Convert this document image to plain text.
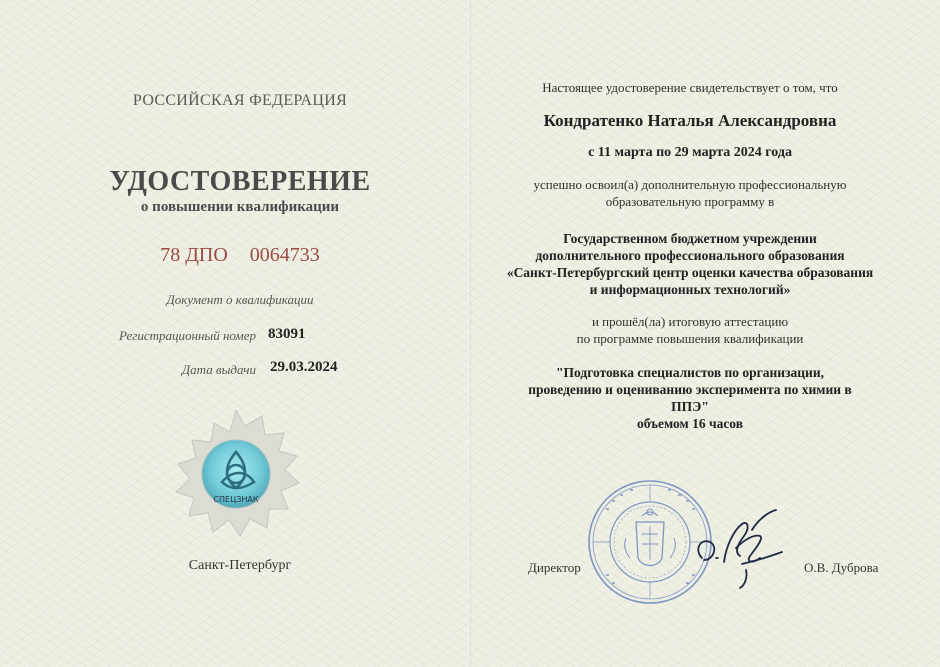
РОССИЙСКАЯ ФЕДЕРАЦИЯ
УДОСТОВЕРЕНИЕ
о повышении квалификации
78 ДПО 0064733
Документ о квалификации
Регистрационный номер 83091
Дата выдачи 29.03.2024
СПЕЦЗНАК
Санкт-Петербург
Настоящее удостоверение свидетельствует о том, что
Кондратенко Наталья Александровна
с 11 марта по 29 марта 2024 года
успешно освоил(а) дополнительную профессиональную
образовательную программу в
Государственном бюджетном учреждении
дополнительного профессионального образования
«Санкт-Петербургский центр оценки качества образования
и информационных технологий»
и прошёл(ла) итоговую аттестацию
по программе повышения квалификации
"Подготовка специалистов по организации,
проведению и оцениванию эксперимента по химии в
ППЭ"
объемом 16 часов
Директор	О.В. Дуброва
